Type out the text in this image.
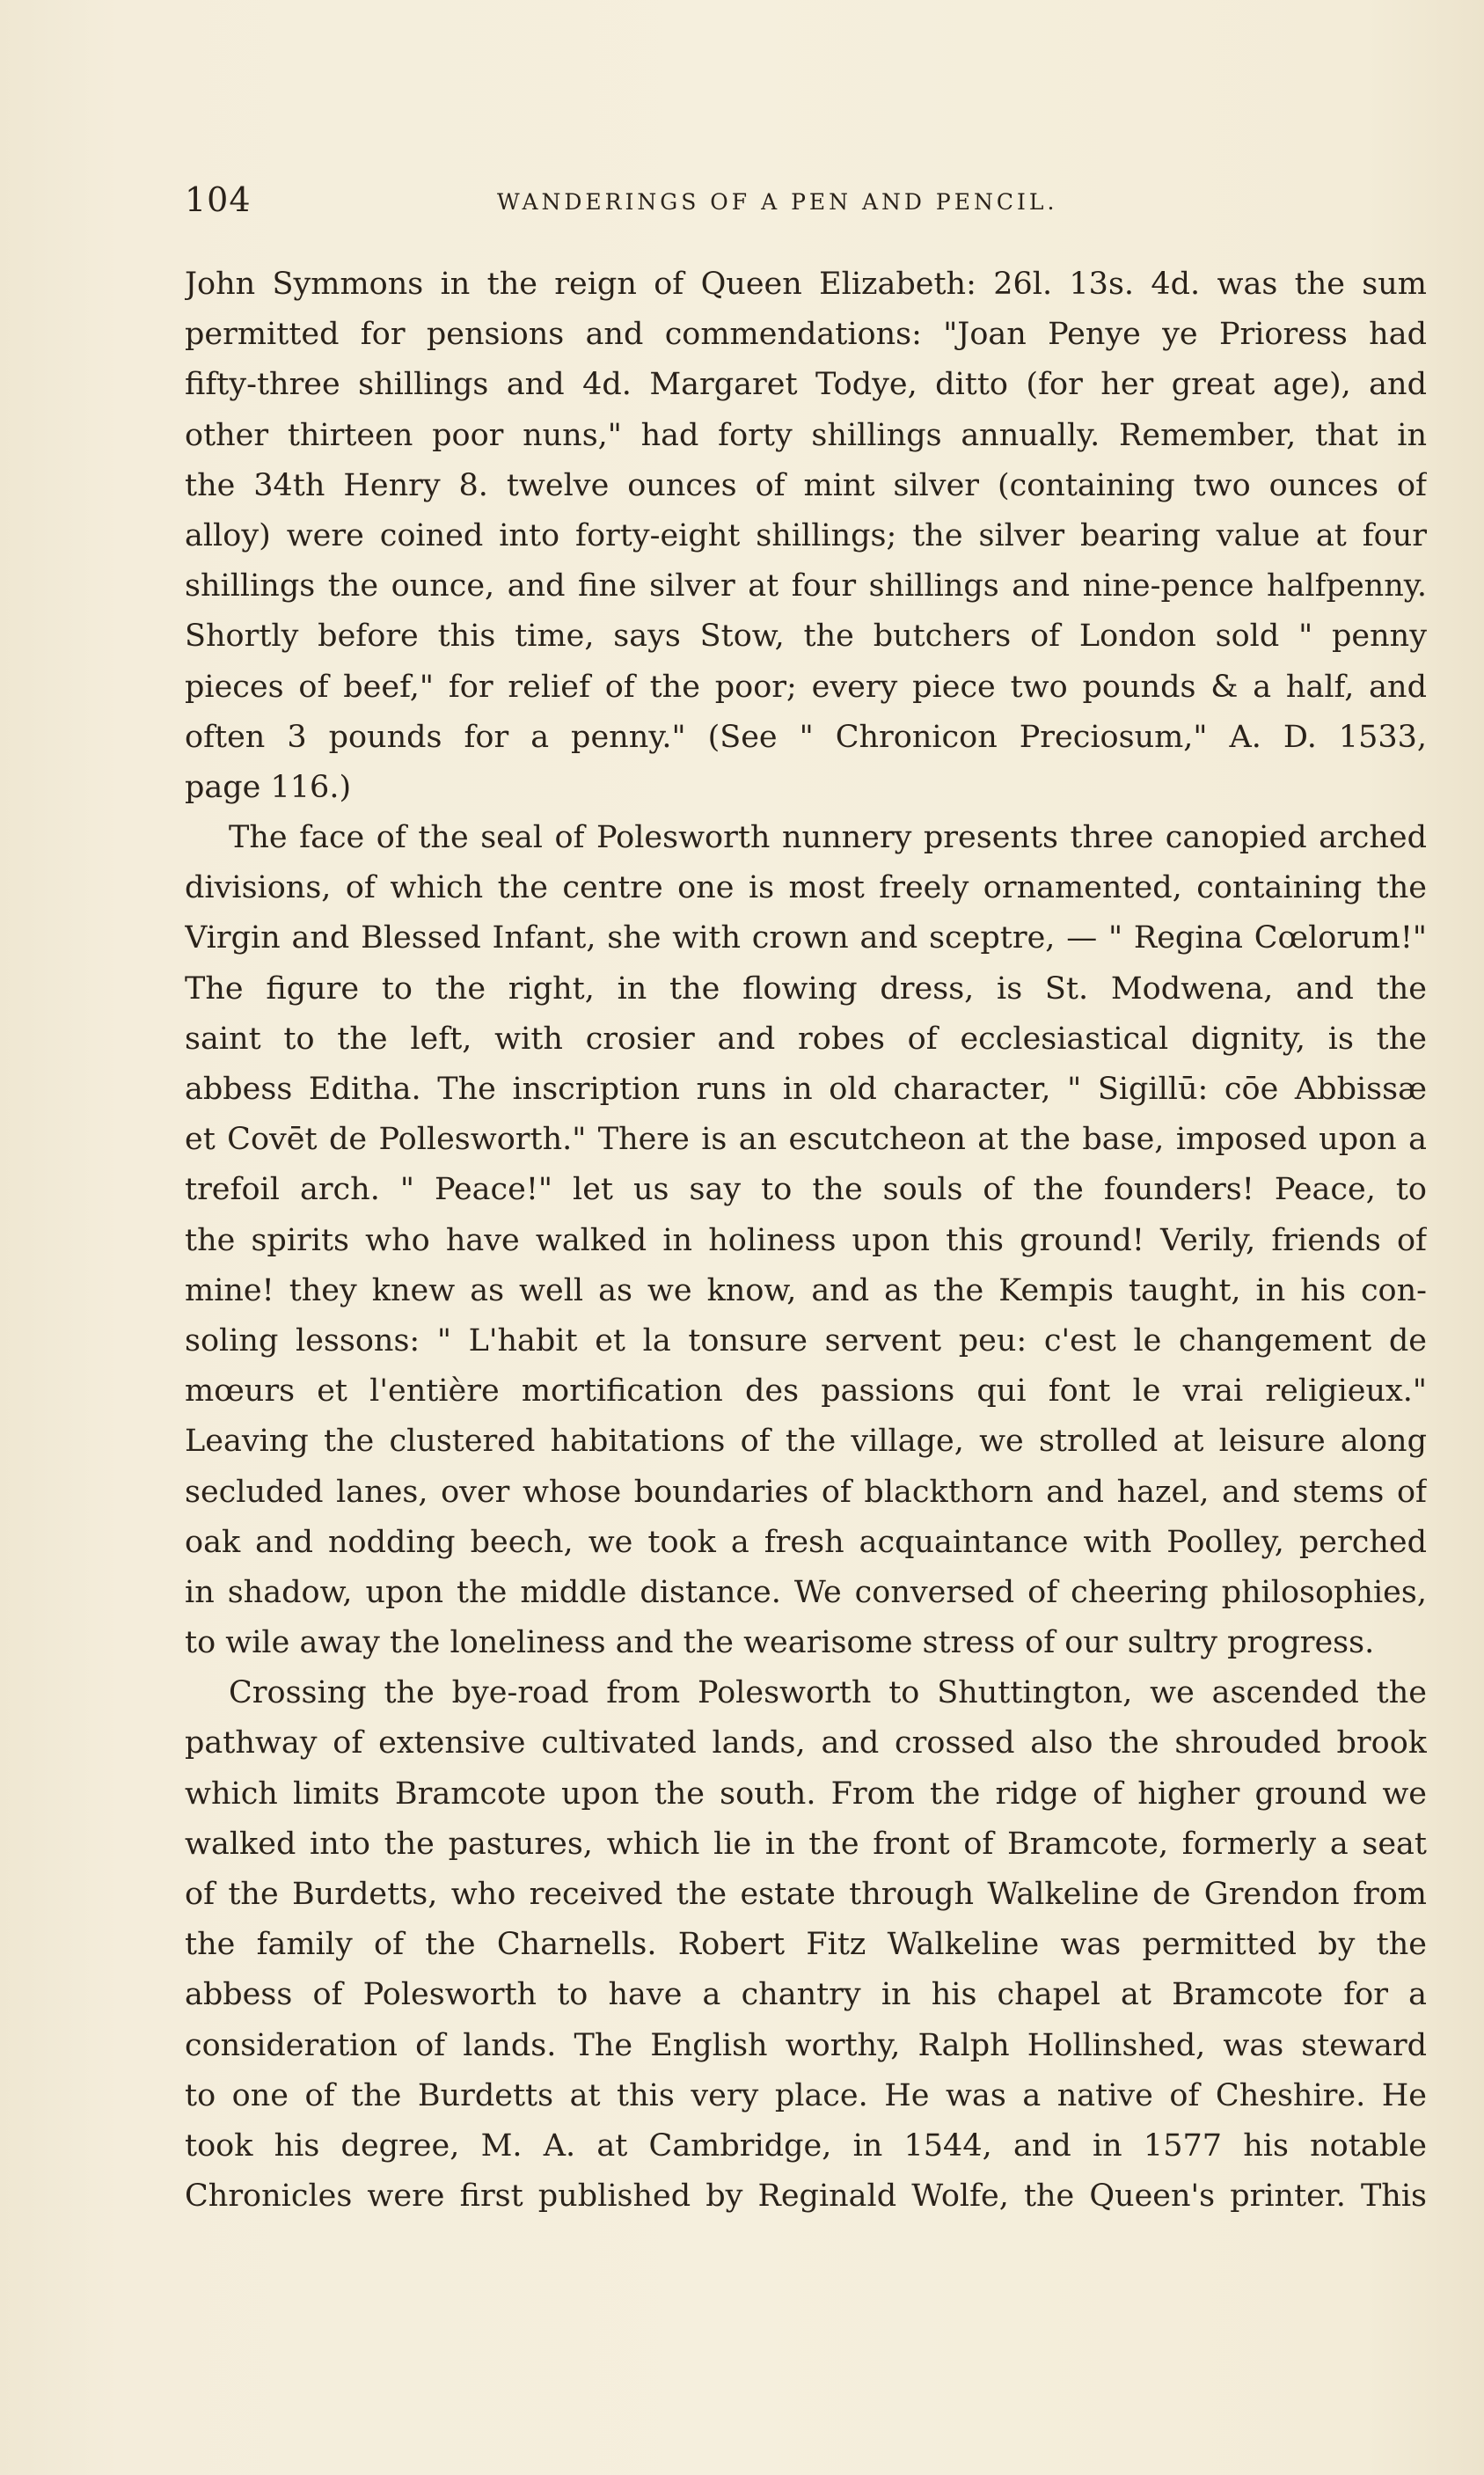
104	WANDERINGS OF A PEN AND PENCIL.
John Symmons in the reign of Queen Elizabeth: 26l. 13s. 4d. was the sum
permitted for pensions and commendations: "Joan Penye ye Prioress had
fifty-three shillings and 4d. Margaret Todye, ditto (for her great age), and
other thirteen poor nuns," had forty shillings annually. Remember, that in
the 34th Henry 8. twelve ounces of mint silver (containing two ounces of
alloy) were coined into forty-eight shillings; the silver bearing value at four
shillings the ounce, and fine silver at four shillings and nine-pence halfpenny.
Shortly before this time, says Stow, the butchers of London sold " penny
pieces of beef," for relief of the poor; every piece two pounds & a half, and
often 3 pounds for a penny." (See " Chronicon Preciosum," A. D. 1533,
page 116.)
The face of the seal of Polesworth nunnery presents three canopied arched
divisions, of which the centre one is most freely ornamented, containing the
Virgin and Blessed Infant, she with crown and sceptre, — " Regina Cœlorum!"
The figure to the right, in the flowing dress, is St. Modwena, and the
saint to the left, with crosier and robes of ecclesiastical dignity, is the
abbess Editha. The inscription runs in old character, " Sigillū: cōe Abbissæ
et Covēt de Pollesworth." There is an escutcheon at the base, imposed upon a
trefoil arch. " Peace!" let us say to the souls of the founders! Peace, to
the spirits who have walked in holiness upon this ground! Verily, friends of
mine! they knew as well as we know, and as the Kempis taught, in his con-
soling lessons: " L'habit et la tonsure servent peu: c'est le changement de
mœurs et l'entière mortification des passions qui font le vrai religieux."
Leaving the clustered habitations of the village, we strolled at leisure along
secluded lanes, over whose boundaries of blackthorn and hazel, and stems of
oak and nodding beech, we took a fresh acquaintance with Poolley, perched
in shadow, upon the middle distance. We conversed of cheering philosophies,
to wile away the loneliness and the wearisome stress of our sultry progress.
Crossing the bye-road from Polesworth to Shuttington, we ascended the
pathway of extensive cultivated lands, and crossed also the shrouded brook
which limits Bramcote upon the south. From the ridge of higher ground we
walked into the pastures, which lie in the front of Bramcote, formerly a seat
of the Burdetts, who received the estate through Walkeline de Grendon from
the family of the Charnells. Robert Fitz Walkeline was permitted by the
abbess of Polesworth to have a chantry in his chapel at Bramcote for a
consideration of lands. The English worthy, Ralph Hollinshed, was steward
to one of the Burdetts at this very place. He was a native of Cheshire. He
took his degree, M. A. at Cambridge, in 1544, and in 1577 his notable
Chronicles were first published by Reginald Wolfe, the Queen's printer. This
